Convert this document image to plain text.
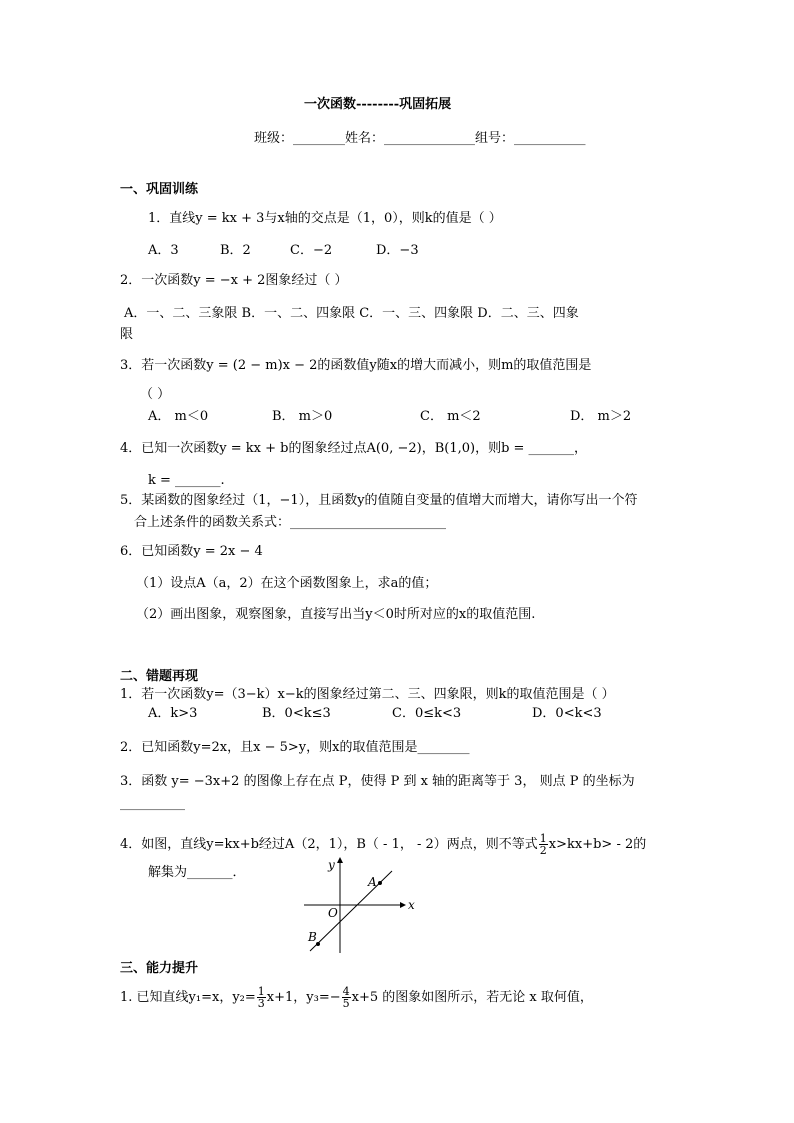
一次函数--------巩固拓展
班级：________姓名：______________组号：___________
一、巩固训练
1．直线y = kx + 3与x轴的交点是（1，0），则k的值是（ ）
A．3	B．2	C．−2	D．−3
2．一次函数y = −x + 2图象经过（ ）
A．一、二、三象限 B．一、二、四象限 C．一、三、四象限 D．二、三、四象
限
3．若一次函数y = (2 − m)x − 2的函数值y随x的增大而减小，则m的取值范围是
（ ）
A． m＜0	B． m＞0	C． m＜2	D． m＞2
4．已知一次函数y = kx + b的图象经过点A(0, −2)，B(1,0)，则b = _______，
k = _______.
5．某函数的图象经过（1，−1），且函数y的值随自变量的值增大而增大，请你写出一个符
合上述条件的函数关系式：________________________
6．已知函数y = 2x − 4
（1）设点A（a，2）在这个函数图象上，求a的值；
（2）画出图象，观察图象，直接写出当y＜0时所对应的x的取值范围.
二、错题再现
1．若一次函数y=（3−k）x−k的图象经过第二、三、四象限，则k的取值范围是（ ）
A．k>3	B．0<k≤3	C．0≤k<3	D．0<k<3
2．已知函数y=2x，且x − 5>y，则x的取值范围是________
3．函数 y= −3x+2 的图像上存在点 P，使得 P 到 x 轴的距离等于 3， 则点 P 的坐标为
__________
4．如图，直线y=kx+b经过A（2，1），B（ - 1， - 2）两点，则不等式 $\frac{1}{2} x>kx+b> - 2$的
解集为_______．
x
y
O
A
B
三、能力提升
1. 已知直线y₁=x，$y_2= \frac{1}{3} x+1$，$y_3=- \frac{4}{5} x+5$ 的图象如图所示，若无论 x 取何值，
